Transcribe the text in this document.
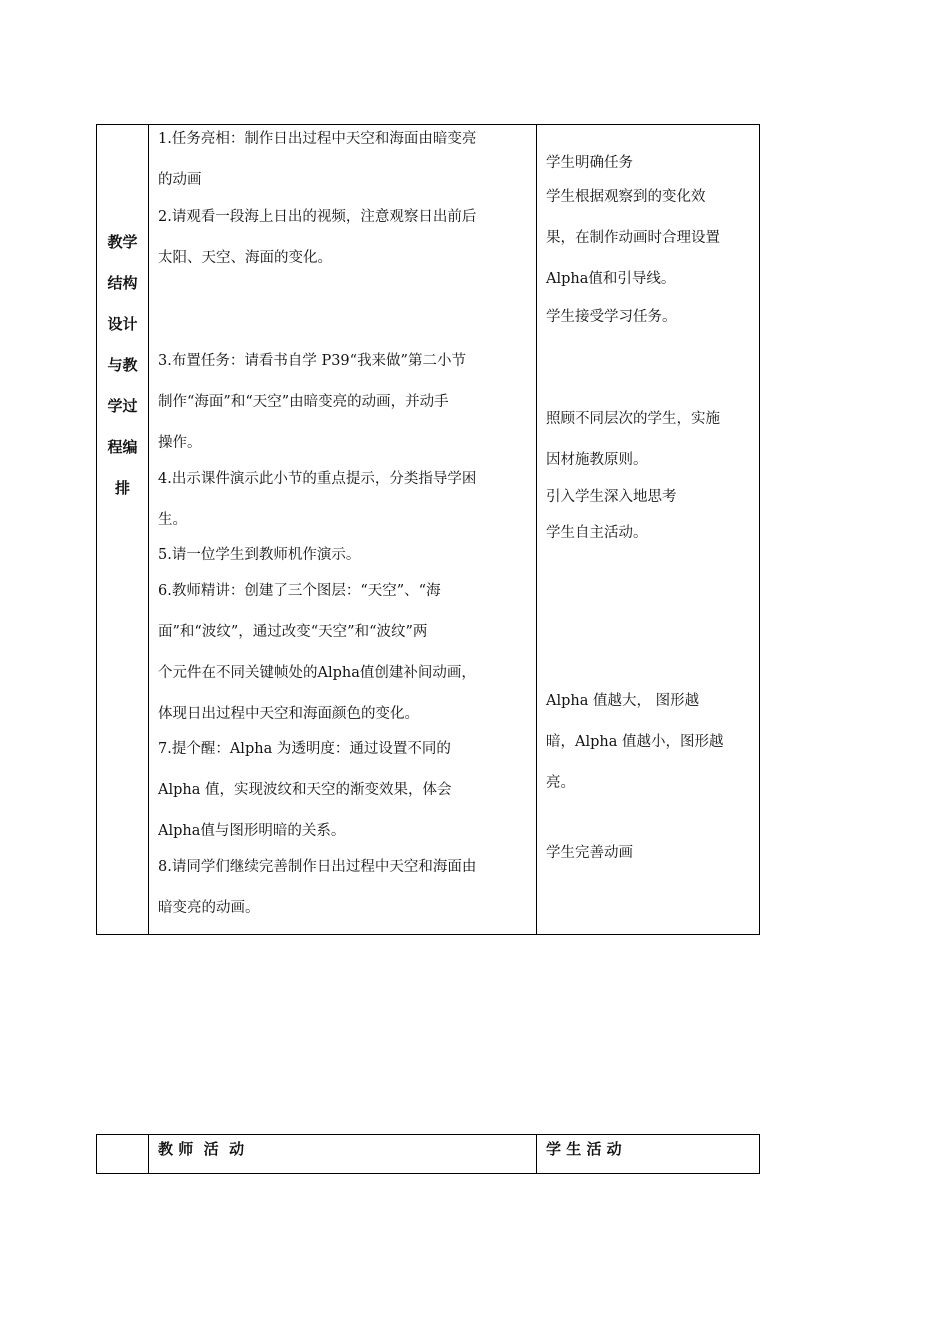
教学
结构
设计
与教
学过
程编
排
1.任务亮相：制作日出过程中天空和海面由暗变亮
的动画
2.请观看一段海上日出的视频，注意观察日出前后
太阳、天空、海面的变化。
3.布置任务：请看书自学 P39“我来做”第二小节
制作“海面”和“天空”由暗变亮的动画，并动手
操作。
4.出示课件演示此小节的重点提示，分类指导学困
生。
5.请一位学生到教师机作演示。
6.教师精讲：创建了三个图层：“天空”、“海
面”和“波纹”，通过改变“天空”和“波纹”两
个元件在不同关键帧处的Alpha值创建补间动画，
体现日出过程中天空和海面颜色的变化。
7.提个醒：Alpha 为透明度：通过设置不同的
Alpha 值，实现波纹和天空的渐变效果，体会
Alpha值与图形明暗的关系。
8.请同学们继续完善制作日出过程中天空和海面由
暗变亮的动画。
学生明确任务
学生根据观察到的变化效
果，在制作动画时合理设置
Alpha值和引导线。
学生接受学习任务。
照顾不同层次的学生，实施
因材施教原则。
引入学生深入地思考
学生自主活动。
Alpha 值越大， 图形越
暗，Alpha 值越小，图形越
亮。
学生完善动画
教 师  活  动	学 生 活 动
